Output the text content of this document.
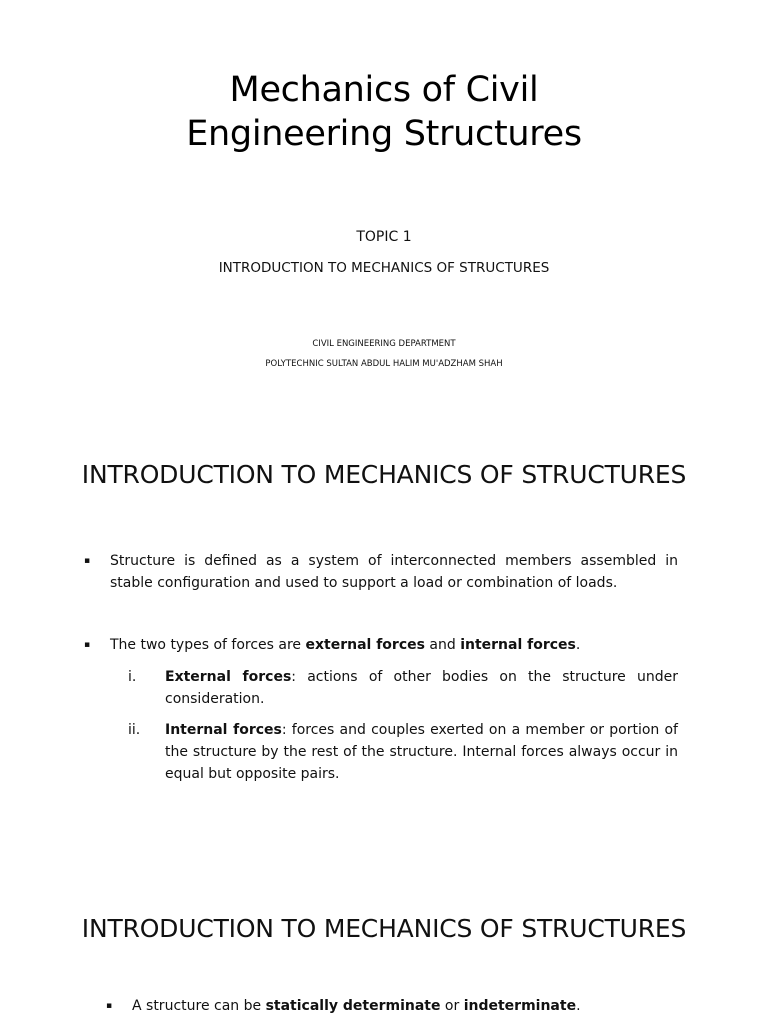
Mechanics of Civil
Engineering Structures
TOPIC 1
INTRODUCTION TO MECHANICS OF STRUCTURES
CIVIL ENGINEERING DEPARTMENT
POLYTECHNIC SULTAN ABDUL HALIM MU'ADZHAM SHAH
INTRODUCTION TO MECHANICS OF STRUCTURES
▪ Structure is defined as a system of interconnected members assembled in stable configuration and used to support a load or combination of loads.
▪ The two types of forces are external forces and internal forces.
i. External forces: actions of other bodies on the structure under consideration.
ii. Internal forces: forces and couples exerted on a member or portion of the structure by the rest of the structure. Internal forces always occur in equal but opposite pairs.
INTRODUCTION TO MECHANICS OF STRUCTURES
▪ A structure can be statically determinate or indeterminate.
